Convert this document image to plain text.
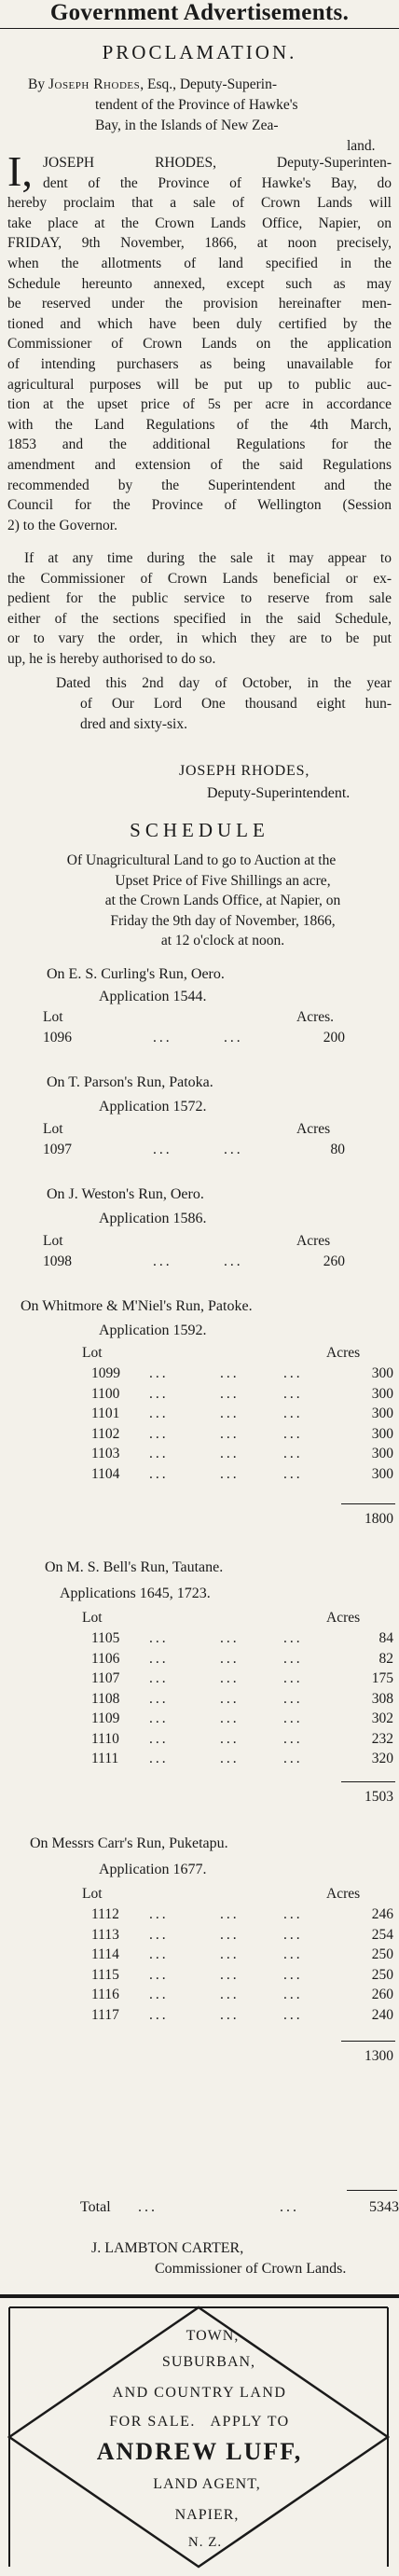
Government Advertisements.
PROCLAMATION.
By Joseph Rhodes, Esq., Deputy-Superin-
tendent of the Province of Hawke's
Bay, in the Islands of New Zea-
land.
I, JOSEPH RHODES, Deputy-Superinten-
dent of the Province of Hawke's Bay, do
hereby proclaim that a sale of Crown Lands will
take place at the Crown Lands Office, Napier, on
FRIDAY, 9th November, 1866, at noon precisely,
when the allotments of land specified in the
Schedule hereunto annexed, except such as may
be reserved under the provision hereinafter men-
tioned and which have been duly certified by the
Commissioner of Crown Lands on the application
of intending purchasers as being unavailable for
agricultural purposes will be put up to public auc-
tion at the upset price of 5s per acre in accordance
with the Land Regulations of the 4th March,
1853 and the additional Regulations for the
amendment and extension of the said Regulations
recommended by the Superintendent and the
Council for the Province of Wellington (Session
2) to the Governor.
If at any time during the sale it may appear to
the Commissioner of Crown Lands beneficial or ex-
pedient for the public service to reserve from sale
either of the sections specified in the said Schedule,
or to vary the order, in which they are to be put
up, he is hereby authorised to do so.
Dated this 2nd day of October, in the year
of Our Lord One thousand eight hun-
dred and sixty-six.
JOSEPH RHODES,
Deputy-Superintendent.
SCHEDULE
Of Unagricultural Land to go to Auction at the
Upset Price of Five Shillings an acre,
at the Crown Lands Office, at Napier, on
Friday the 9th day of November, 1866,
at 12 o'clock at noon.
On E. S. Curling's Run, Oero.
Application 1544.
Lot	Acres.
1096	...	...	200
On T. Parson's Run, Patoka.
Application 1572.
Lot	Acres
1097	...	...	80
On J. Weston's Run, Oero.
Application 1586.
Lot	Acres
1098	...	...	260
On Whitmore & M'Niel's Run, Patoke.
Application 1592.
Lot	Acres
1099 ...	...	...	300
1100 ...	...	...	300
1101 ...	...	...	300
1102 ...	...	...	300
1103 ...	...	...	300
1104 ...	...	...	300
1800
On M. S. Bell's Run, Tautane.
Applications 1645, 1723.
Lot	Acres
1105 ...	...	...	84
1106 ...	...	...	82
1107 ...	...	...	175
1108 ...	...	...	308
1109 ...	...	...	302
1110 ...	...	...	232
1111 ...	...	...	320
1503
On Messrs Carr's Run, Puketapu.
Application 1677.
Lot	Acres
1112 ...	...	...	246
1113 ...	...	...	254
1114 ...	...	...	250
1115 ...	...	...	250
1116 ...	...	...	260
1117 ...	...	...	240
1300
Total ...	...	5343
J. LAMBTON CARTER,
Commissioner of Crown Lands.
TOWN,
SUBURBAN,
AND COUNTRY LAND
FOR SALE.   APPLY TO
ANDREW LUFF,
LAND AGENT,
NAPIER,
N. Z.
